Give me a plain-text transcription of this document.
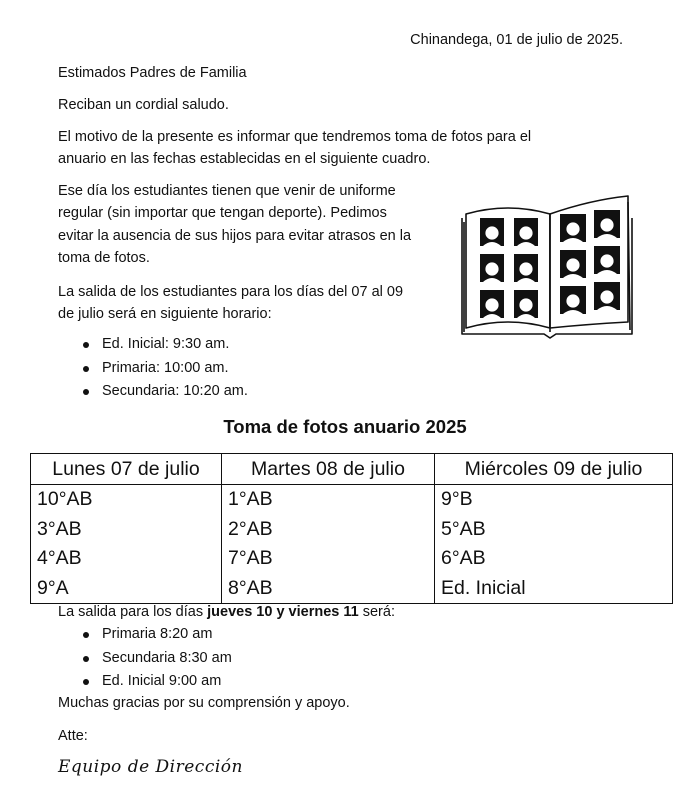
Chinandega, 01 de julio de 2025.
Estimados Padres de Familia
Reciban un cordial saludo.
El motivo de la presente es informar que tendremos toma de fotos para el
anuario en las fechas establecidas en el siguiente cuadro.
Ese día los estudiantes tienen que venir de uniforme
regular (sin importar que tengan deporte). Pedimos
evitar la ausencia de sus hijos para evitar atrasos en la
toma de fotos.
La salida de los estudiantes para los días del 07 al 09
de julio será en siguiente horario:
Ed. Inicial: 9:30 am.
Primaria: 10:00 am.
Secundaria: 10:20 am.
Toma de fotos anuario 2025
Lunes 07 de julio	Martes 08 de julio	Miércoles 09 de julio
10°AB	1°AB	9°B
3°AB	2°AB	5°AB
4°AB	7°AB	6°AB
9°A	8°AB	Ed. Inicial
La salida para los días jueves 10 y viernes 11 será:
Primaria 8:20 am
Secundaria 8:30 am
Ed. Inicial 9:00 am
Muchas gracias por su comprensión y apoyo.
Atte:
Equipo de Dirección
